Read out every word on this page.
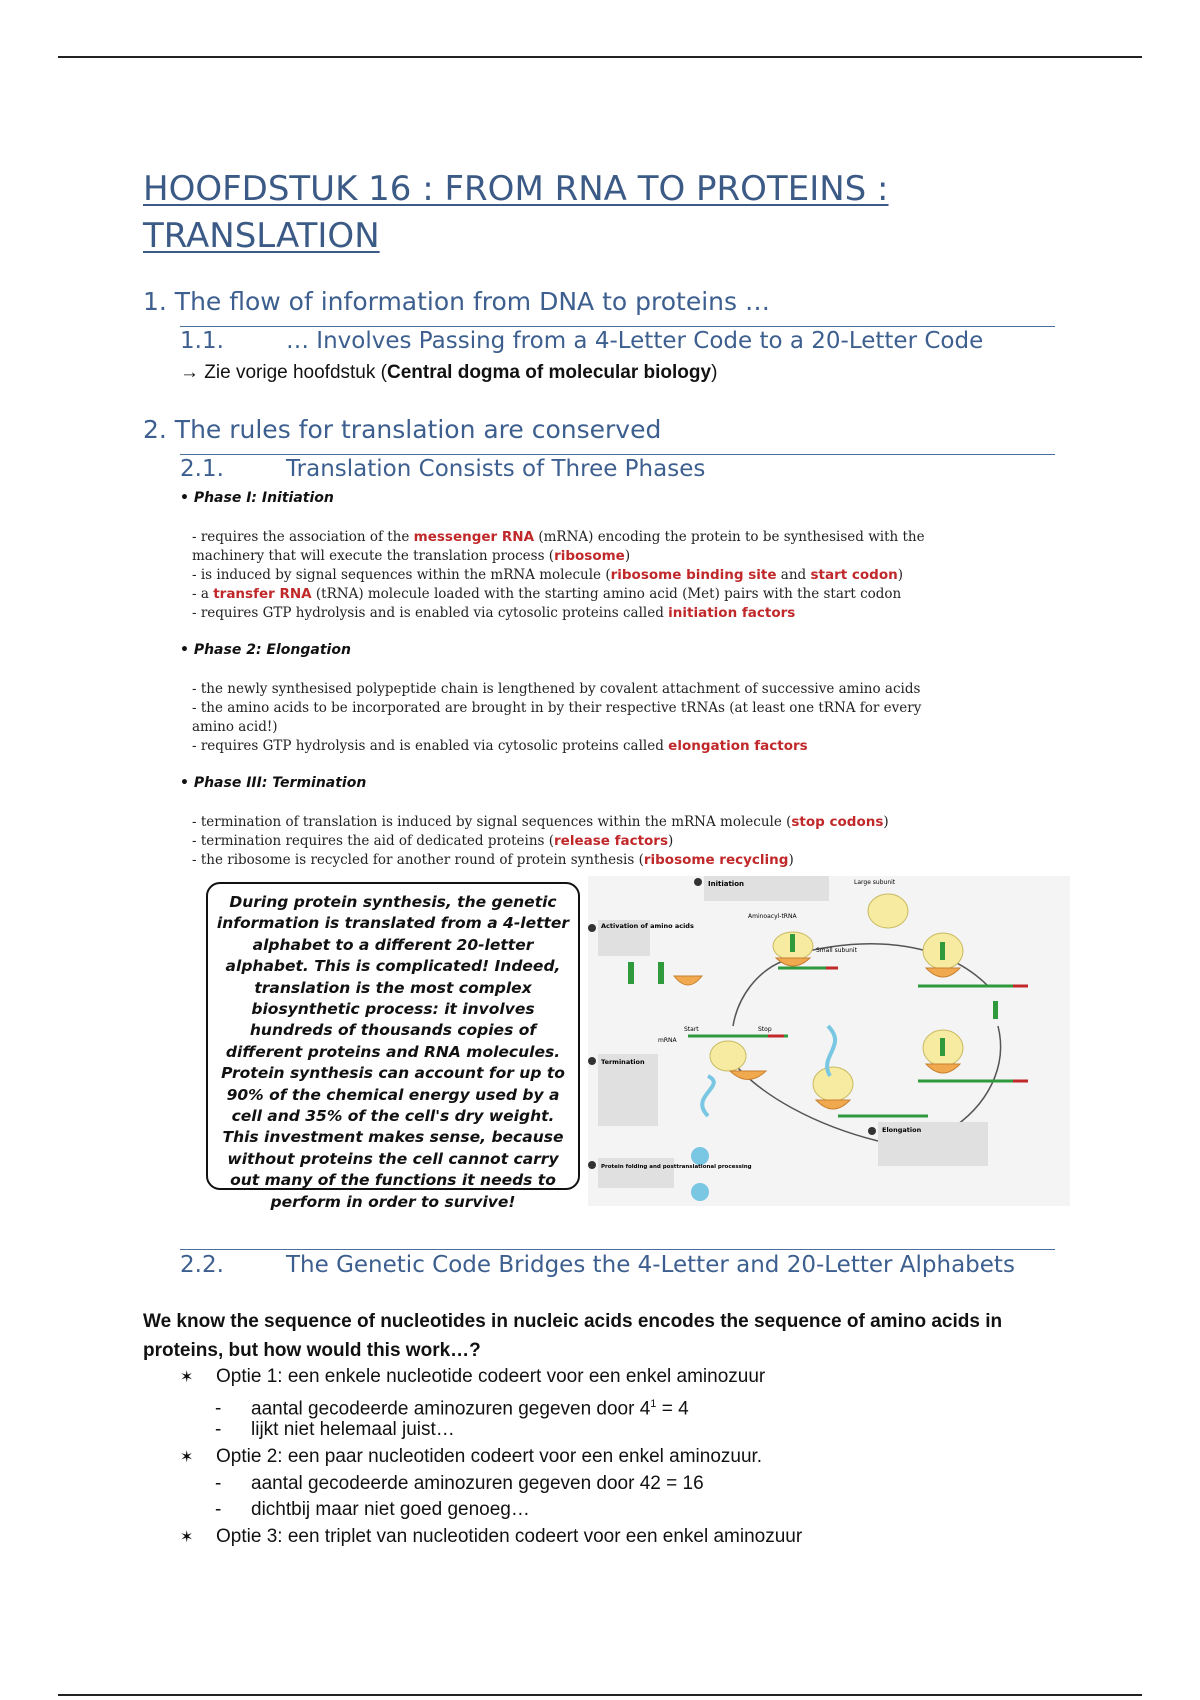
HOOFDSTUK 16 : FROM RNA TO PROTEINS : TRANSLATION
1. The flow of information from DNA to proteins …
1.1.	… Involves Passing from a 4-Letter Code to a 20-Letter Code
→ Zie vorige hoofdstuk (Central dogma of molecular biology)
2. The rules for translation are conserved
2.1.	Translation Consists of Three Phases
• Phase I: Initiation
- requires the association of the messenger RNA (mRNA) encoding the protein to be synthesised with the
machinery that will execute the translation process (ribosome)
- is induced by signal sequences within the mRNA molecule (ribosome binding site and start codon)
- a transfer RNA (tRNA) molecule loaded with the starting amino acid (Met) pairs with the start codon
- requires GTP hydrolysis and is enabled via cytosolic proteins called initiation factors
• Phase 2: Elongation
- the newly synthesised polypeptide chain is lengthened by covalent attachment of successive amino acids
- the amino acids to be incorporated are brought in by their respective tRNAs (at least one tRNA for every
amino acid!)
- requires GTP hydrolysis and is enabled via cytosolic proteins called elongation factors
• Phase III: Termination
- termination of translation is induced by signal sequences within the mRNA molecule (stop codons)
- termination requires the aid of dedicated proteins (release factors)
- the ribosome is recycled for another round of protein synthesis (ribosome recycling)
During protein synthesis, the genetic information is translated from a 4-letter alphabet to a different 20-letter alphabet. This is complicated! Indeed, translation is the most complex biosynthetic process: it involves hundreds of thousands copies of different proteins and RNA molecules. Protein synthesis can account for up to 90% of the chemical energy used by a cell and 35% of the cell's dry weight. This investment makes sense, because without proteins the cell cannot carry out many of the functions it needs to perform in order to survive!
Initiation	Large subunit
Aminoacyl-tRNA
Small subunit
Activation of amino acids
Start	Stop
mRNA
Termination
Protein folding and posttranslational processing
Elongation
2.2.	The Genetic Code Bridges the 4-Letter and 20-Letter Alphabets
We know the sequence of nucleotides in nucleic acids encodes the sequence of amino acids in proteins, but how would this work…?
✶ Optie 1: een enkele nucleotide codeert voor een enkel aminozuur
- aantal gecodeerde aminozuren gegeven door $4^1 = 4$
- lijkt niet helemaal juist…
✶ Optie 2: een paar nucleotiden codeert voor een enkel aminozuur.
- aantal gecodeerde aminozuren gegeven door 42 = 16
- dichtbij maar niet goed genoeg…
✶ Optie 3: een triplet van nucleotiden codeert voor een enkel aminozuur
